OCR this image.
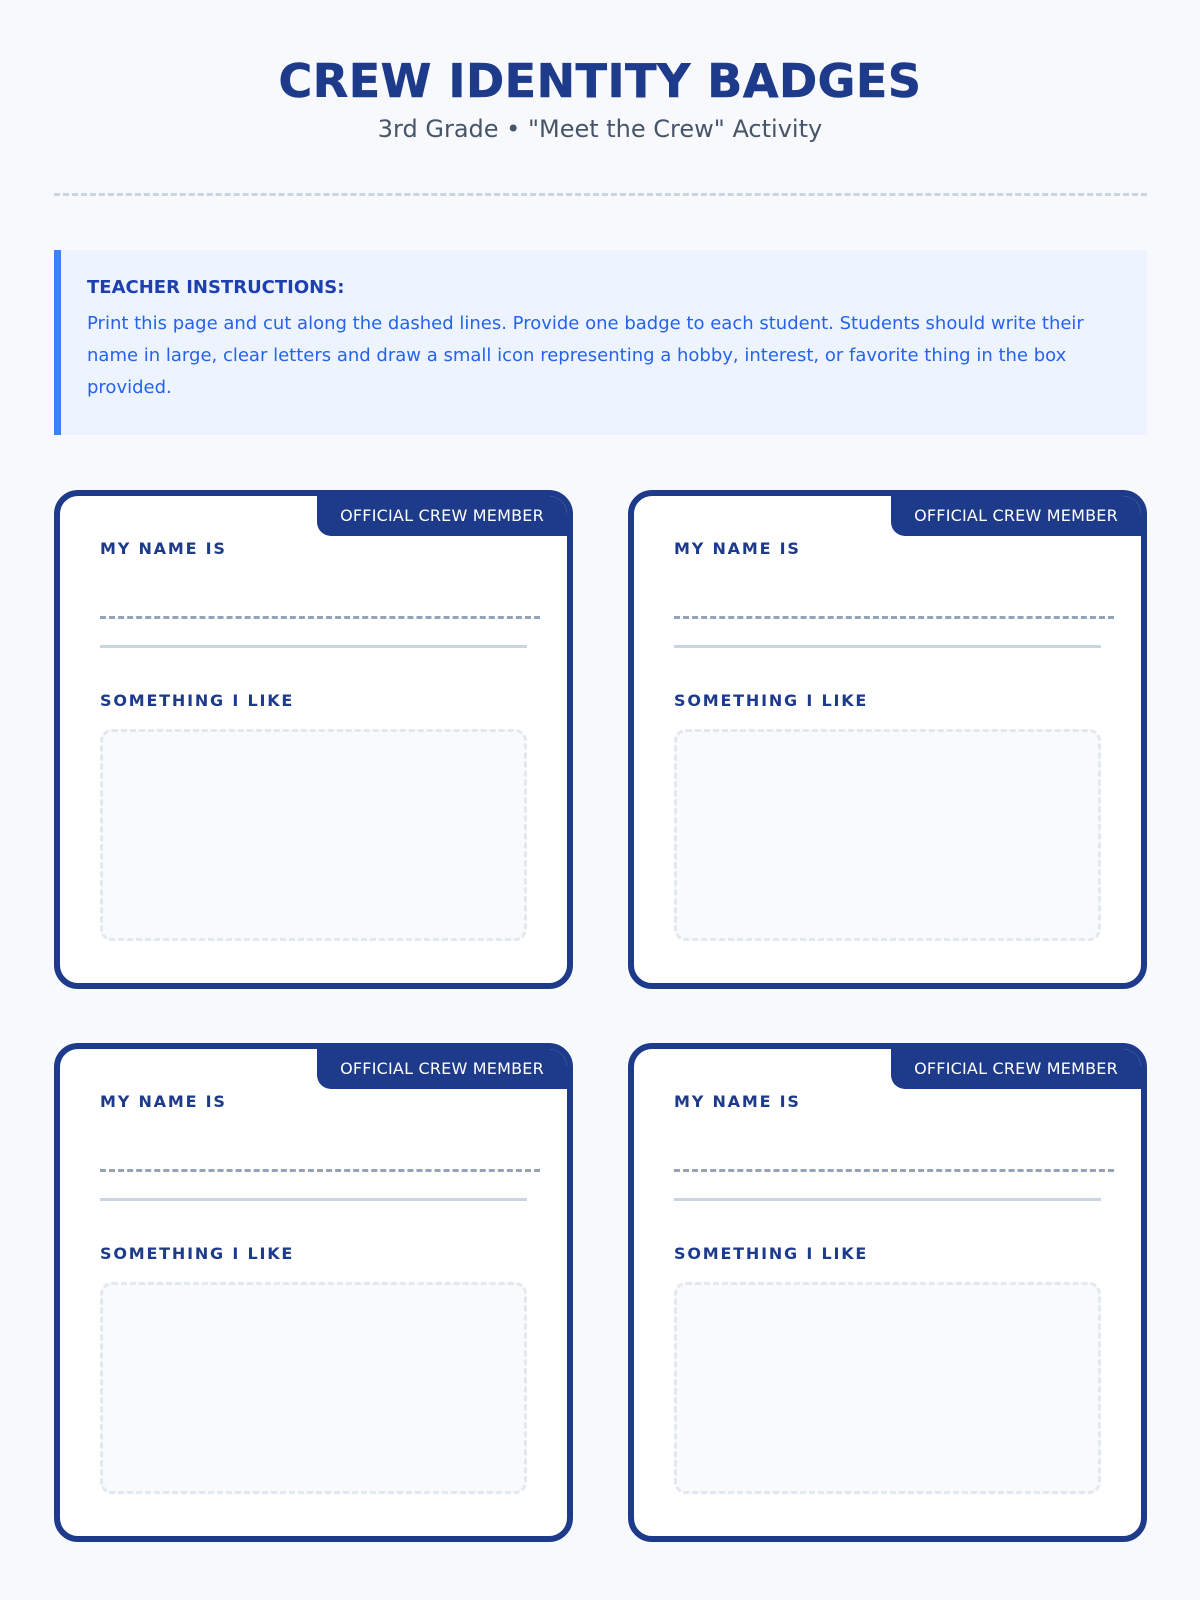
CREW IDENTITY BADGES
3rd Grade • "Meet the Crew" Activity
TEACHER INSTRUCTIONS:
Print this page and cut along the dashed lines. Provide one badge to each student. Students should write their name in large, clear letters and draw a small icon representing a hobby, interest, or favorite thing in the box provided.
OFFICIAL CREW MEMBER
MY NAME IS
SOMETHING I LIKE
OFFICIAL CREW MEMBER
MY NAME IS
SOMETHING I LIKE
OFFICIAL CREW MEMBER
MY NAME IS
SOMETHING I LIKE
OFFICIAL CREW MEMBER
MY NAME IS
SOMETHING I LIKE
